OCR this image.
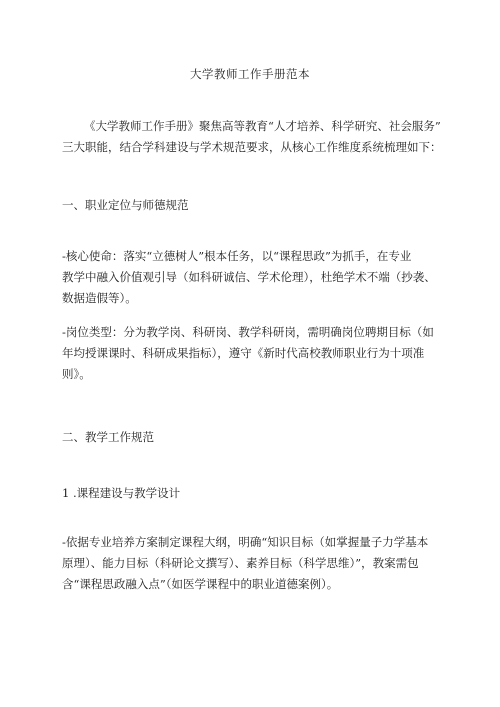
大学教师工作手册范本
《大学教师工作手册》聚焦高等教育“人才培养、科学研究、社会服务”
三大职能，结合学科建设与学术规范要求，从核心工作维度系统梳理如下：
一、职业定位与师德规范
-核心使命：落实“立德树人”根本任务，以“课程思政”为抓手，在专业
教学中融入价值观引导（如科研诚信、学术伦理），杜绝学术不端（抄袭、
数据造假等）。
-岗位类型：分为教学岗、科研岗、教学科研岗，需明确岗位聘期目标（如
年均授课课时、科研成果指标），遵守《新时代高校教师职业行为十项准
则》。
二、教学工作规范
1 .课程建设与教学设计
-依据专业培养方案制定课程大纲，明确“知识目标（如掌握量子力学基本
原理）、能力目标（科研论文撰写）、素养目标（科学思维）”，教案需包
含“课程思政融入点”（如医学课程中的职业道德案例）。
